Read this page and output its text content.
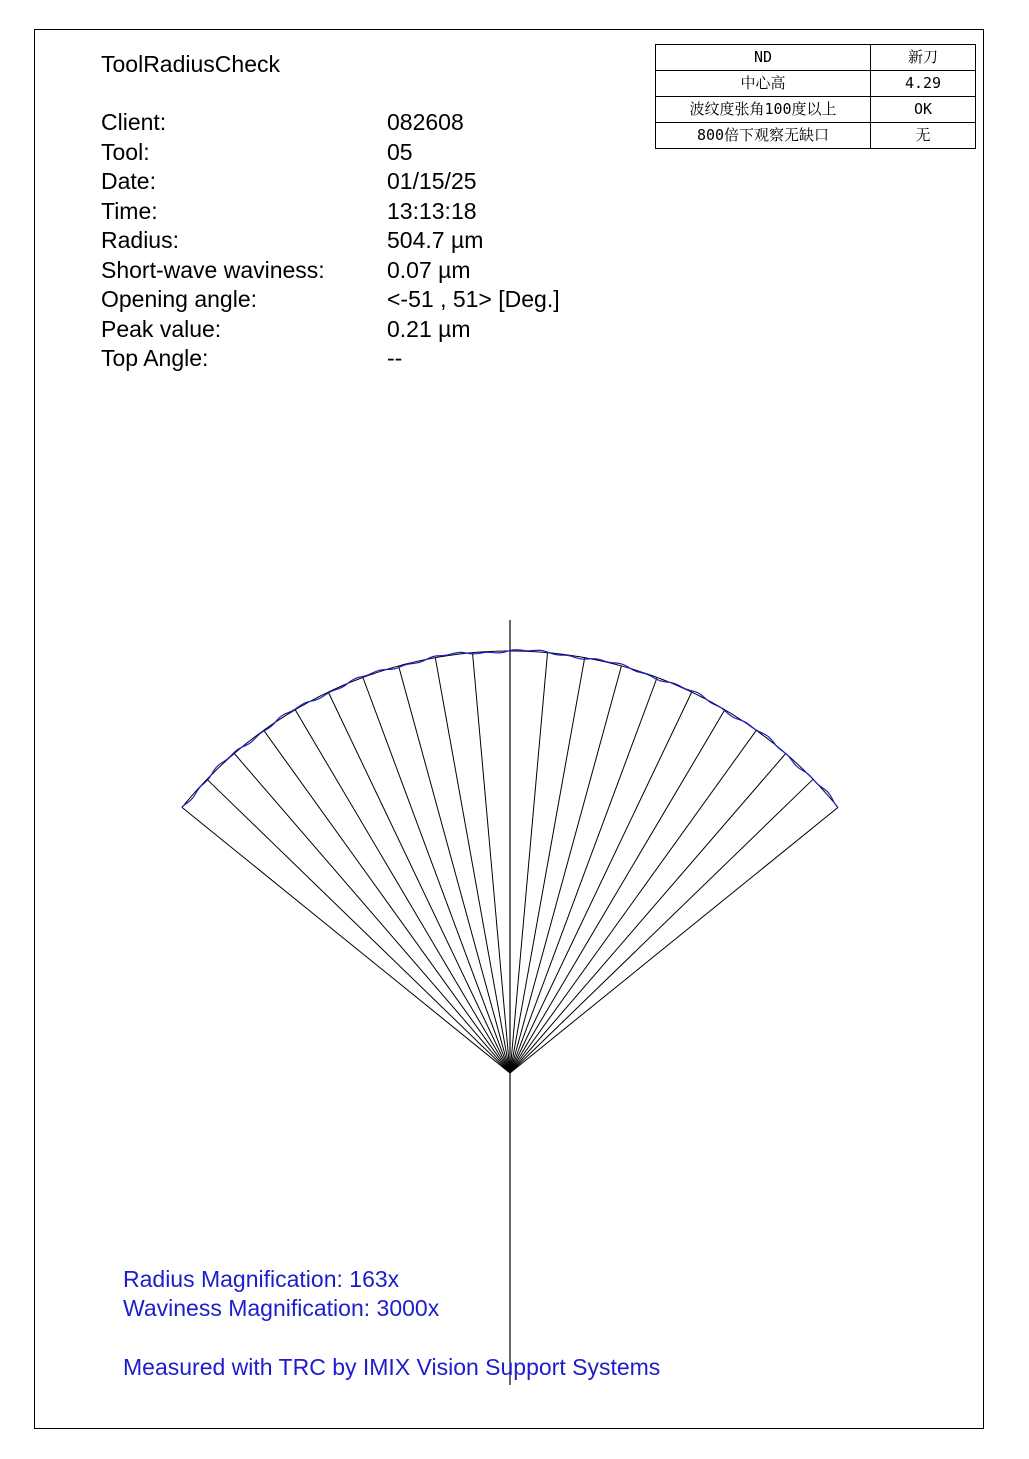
ToolRadiusCheck
Client:	082608
Tool:	05
Date:	01/15/25
Time:	13:13:18
Radius:	504.7 µm
Short-wave waviness:	0.07 µm
Opening angle:	<-51 , 51> [Deg.]
Peak value:	0.21 µm
Top Angle:	--
ND	新刀
中心高	4.29
波纹度张角100度以上	OK
800倍下观察无缺口	无
Radius Magnification: 163x
Waviness Magnification: 3000x
Measured with TRC by IMIX Vision Support Systems
